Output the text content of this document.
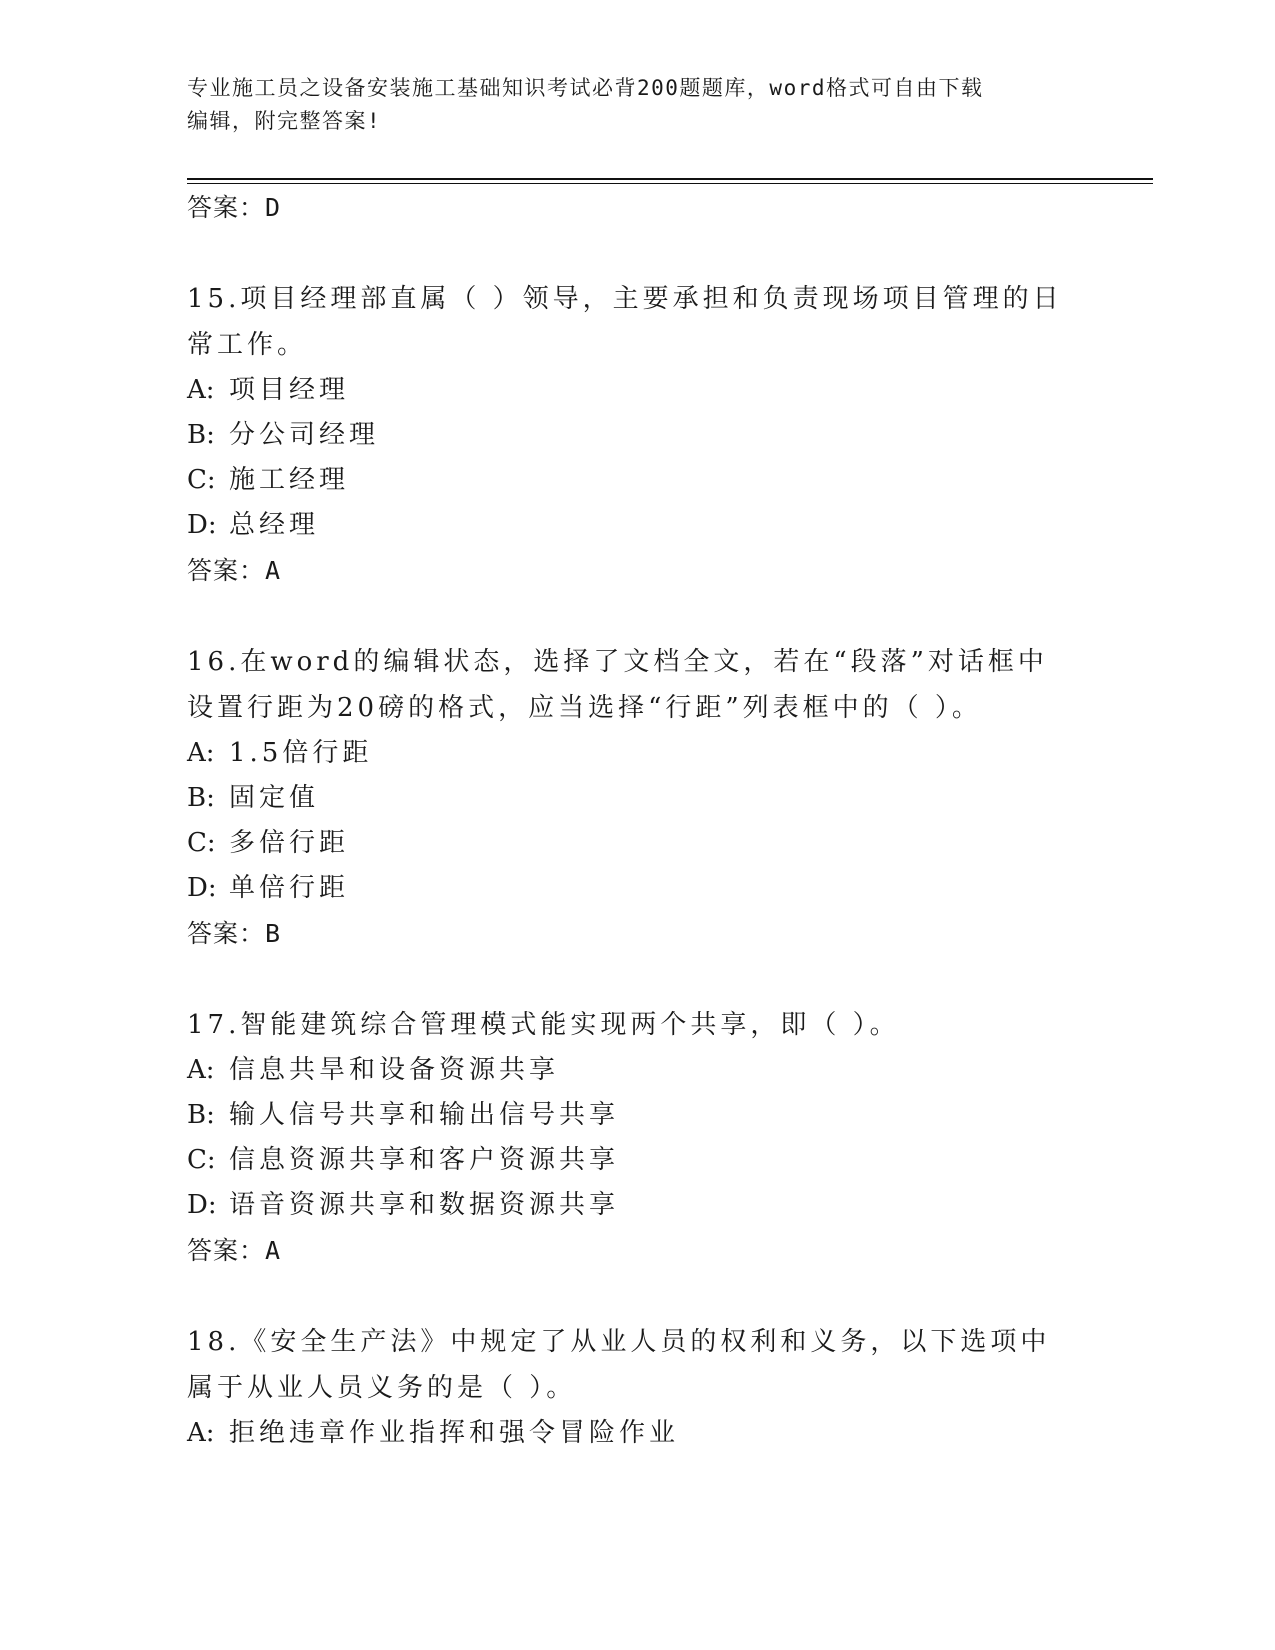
专业施工员之设备安装施工基础知识考试必背200题题库，word格式可自由下载
编辑，附完整答案!
答案：D
15.项目经理部直属（ ）领导，主要承担和负责现场项目管理的日常工作。
A: 项目经理
B: 分公司经理
C: 施工经理
D: 总经理
答案：A
16.在word的编辑状态，选择了文档全文，若在“段落”对话框中设置行距为20磅的格式，应当选择“行距”列表框中的（ ）。
A: 1.5倍行距
B: 固定值
C: 多倍行距
D: 单倍行距
答案：B
17.智能建筑综合管理模式能实现两个共享，即（ ）。
A: 信息共旱和设备资源共享
B: 输人信号共享和输出信号共享
C: 信息资源共享和客户资源共享
D: 语音资源共享和数据资源共享
答案：A
18.《安全生产法》中规定了从业人员的权利和义务，以下选项中属于从业人员义务的是（ ）。
A: 拒绝违章作业指挥和强令冒险作业
